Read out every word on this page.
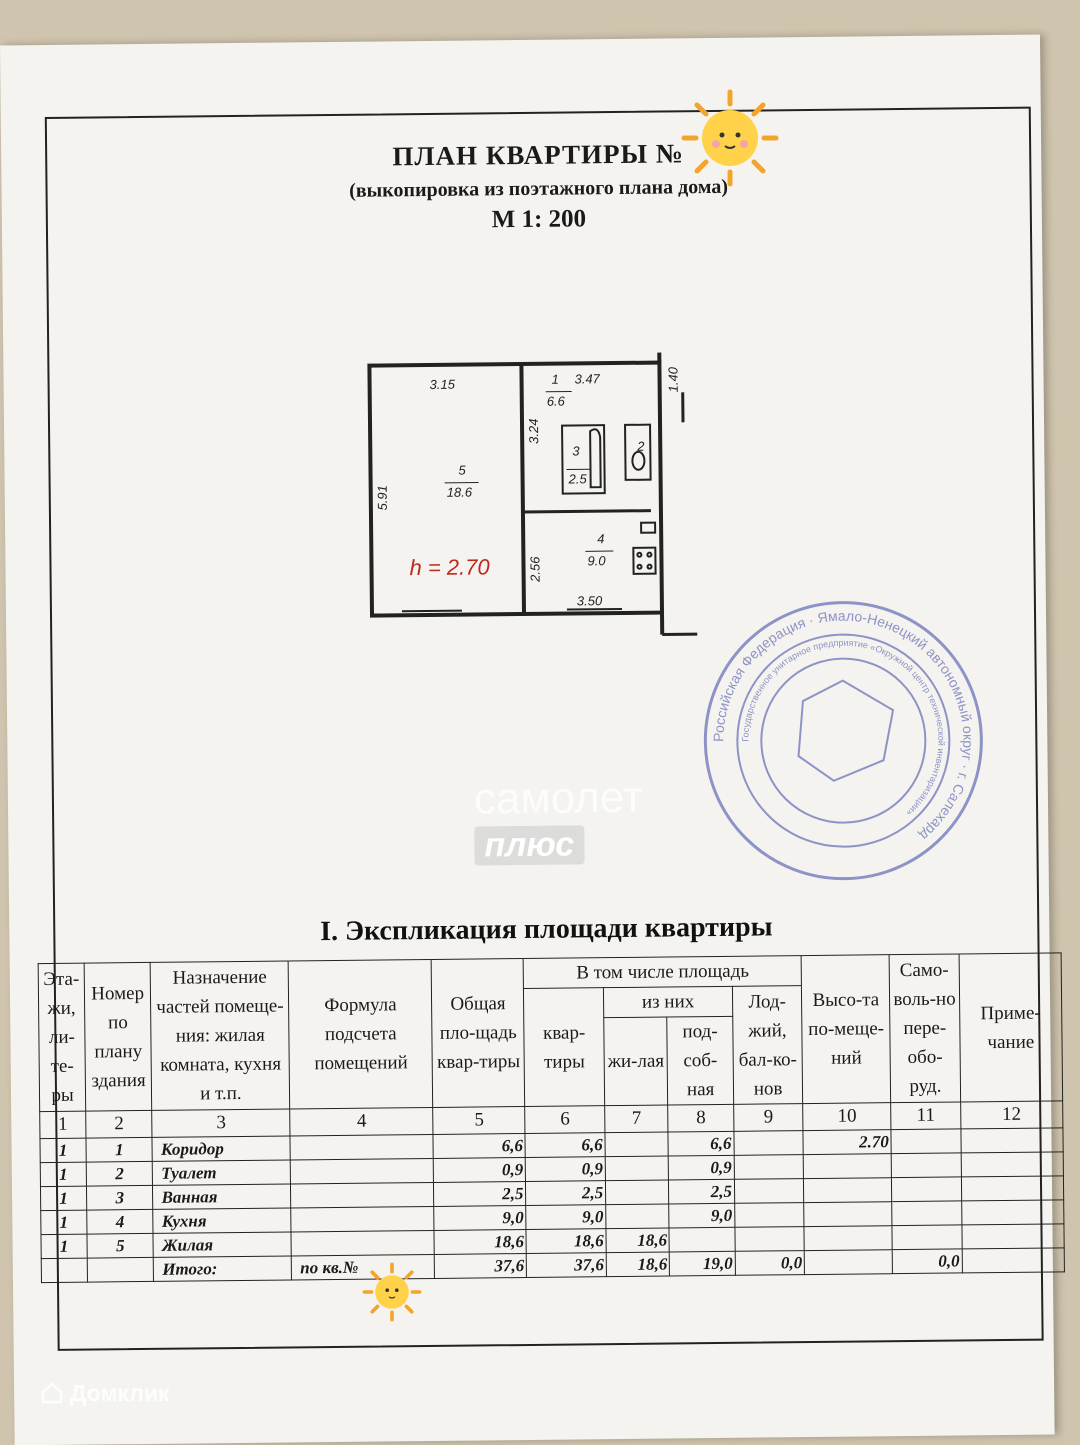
ПЛАН КВАРТИРЫ №
(выкопировка из поэтажного плана дома)
М 1: 200
3.15	3.47	1.40
3.24
5.91
2.56
3.50
1
6.6
2
3
2.5
4
9.0
5
18.6
h = 2.70
самолет
плюс
Российская Федерация · Ямало-Ненецкий автономный округ · г. Салехард
Государственное унитарное предприятие «Окружной центр технической инвентаризации»
I. Экспликация площади квартиры
Эта-жи, ли-те-ры	Номер по плану здания	Назначение частей помеще-ния: жилая комната, кухня и т.п.	Формула подсчета помещений	Общая пло-щадь квар-тиры	В том числе площадь				Высо-та по-меще-ний	Само-воль-но пере-обо-руд.	Приме-чание
					квар-тиры	из них		Лод-жий, бал-ко-нов			
						жи-лая	под-соб-ная				
1	2	3	4	5	6	7	8	9	10	11	12
1	1	Коридор		6,6	6,6		6,6		2.70		
1	2	Туалет		0,9	0,9		0,9				
1	3	Ванная		2,5	2,5		2,5				
1	4	Кухня		9,0	9,0		9,0				
1	5	Жилая		18,6	18,6	18,6					
		Итого:	по кв.№	37,6	37,6	18,6	19,0	0,0		0,0	
Домклик
